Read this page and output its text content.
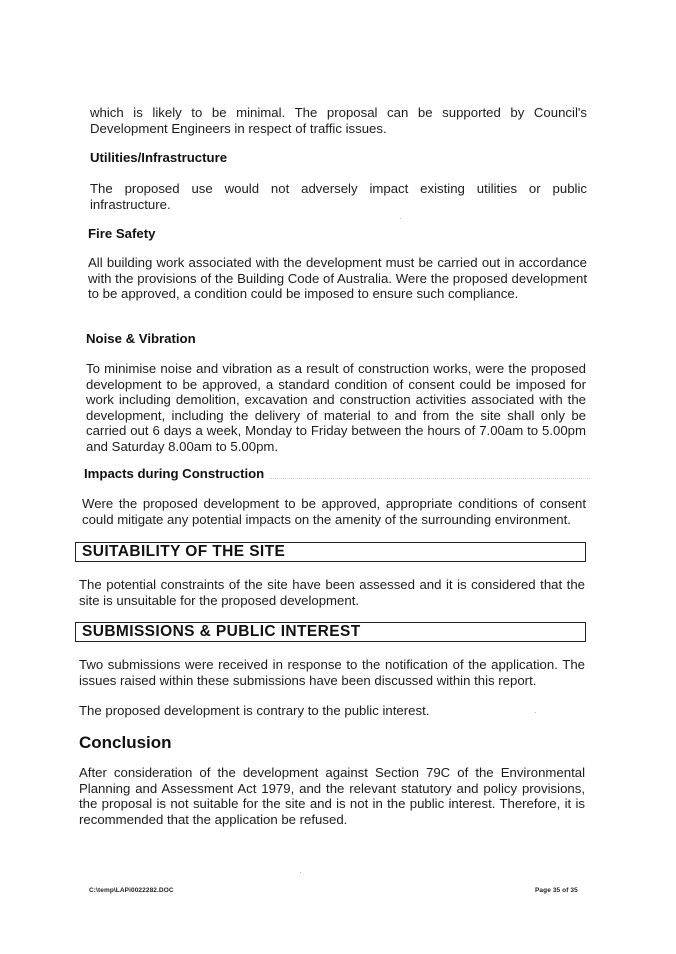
which is likely to be minimal. The proposal can be supported by Council's Development Engineers in respect of traffic issues.

Utilities/Infrastructure

The proposed use would not adversely impact existing utilities or public infrastructure.

Fire Safety

All building work associated with the development must be carried out in accordance with the provisions of the Building Code of Australia. Were the proposed development to be approved, a condition could be imposed to ensure such compliance.

Noise & Vibration

To minimise noise and vibration as a result of construction works, were the proposed development to be approved, a standard condition of consent could be imposed for work including demolition, excavation and construction activities associated with the development, including the delivery of material to and from the site shall only be carried out 6 days a week, Monday to Friday between the hours of 7.00am to 5.00pm and Saturday 8.00am to 5.00pm.

Impacts during Construction

Were the proposed development to be approved, appropriate conditions of consent could mitigate any potential impacts on the amenity of the surrounding environment.

SUITABILITY OF THE SITE

The potential constraints of the site have been assessed and it is considered that the site is unsuitable for the proposed development.

SUBMISSIONS & PUBLIC INTEREST

Two submissions were received in response to the notification of the application. The issues raised within these submissions have been discussed within this report.

The proposed development is contrary to the public interest.

Conclusion

After consideration of the development against Section 79C of the Environmental Planning and Assessment Act 1979, and the relevant statutory and policy provisions, the proposal is not suitable for the site and is not in the public interest. Therefore, it is recommended that the application be refused.

C:\temp\LAPi0022282.DOC	Page 35 of 35
